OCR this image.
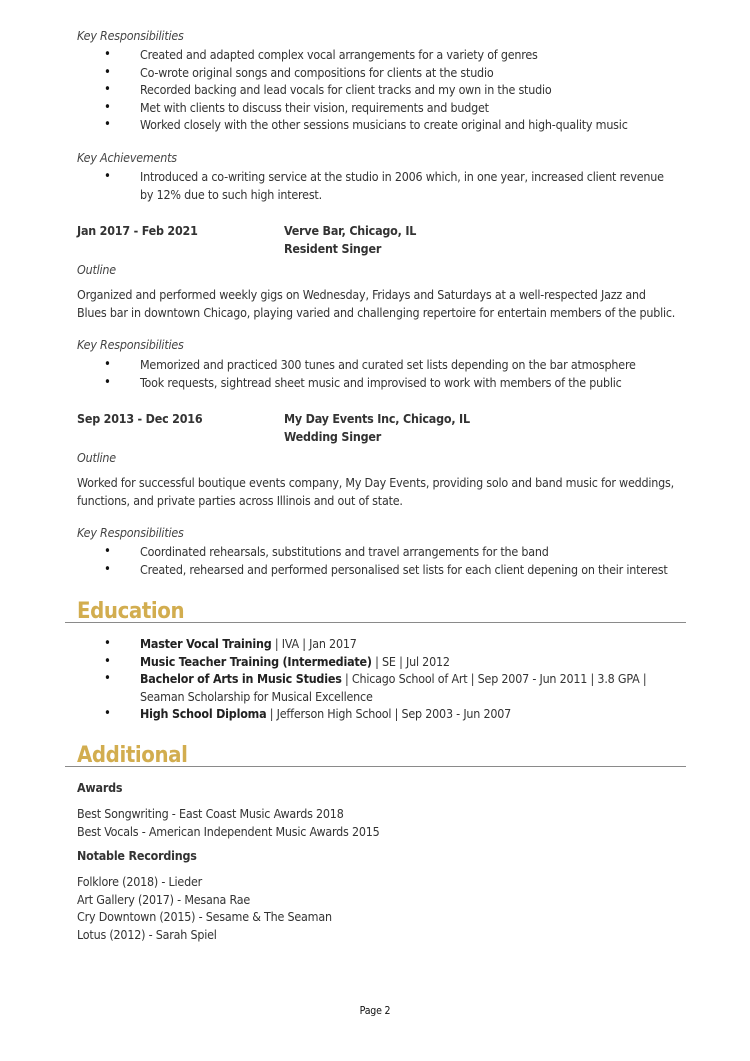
Key Responsibilities
• Created and adapted complex vocal arrangements for a variety of genres
• Co-wrote original songs and compositions for clients at the studio
• Recorded backing and lead vocals for client tracks and my own in the studio
• Met with clients to discuss their vision, requirements and budget
• Worked closely with the other sessions musicians to create original and high-quality music
Key Achievements
• Introduced a co-writing service at the studio in 2006 which, in one year, increased client revenue by 12% due to such high interest.
Jan 2017 - Feb 2021	Verve Bar, Chicago, IL
Resident Singer
Outline
Organized and performed weekly gigs on Wednesday, Fridays and Saturdays at a well-respected Jazz and Blues bar in downtown Chicago, playing varied and challenging repertoire for entertain members of the public.
Key Responsibilities
• Memorized and practiced 300 tunes and curated set lists depending on the bar atmosphere
• Took requests, sightread sheet music and improvised to work with members of the public
Sep 2013 - Dec 2016	My Day Events Inc, Chicago, IL
Wedding Singer
Outline
Worked for successful boutique events company, My Day Events, providing solo and band music for weddings, functions, and private parties across Illinois and out of state.
Key Responsibilities
• Coordinated rehearsals, substitutions and travel arrangements for the band
• Created, rehearsed and performed personalised set lists for each client depening on their interest
Education
• Master Vocal Training | IVA | Jan 2017
• Music Teacher Training (Intermediate) | SE | Jul 2012
• Bachelor of Arts in Music Studies | Chicago School of Art | Sep 2007 - Jun 2011 | 3.8 GPA | Seaman Scholarship for Musical Excellence
• High School Diploma | Jefferson High School | Sep 2003 - Jun 2007
Additional
Awards
Best Songwriting - East Coast Music Awards 2018
Best Vocals - American Independent Music Awards 2015
Notable Recordings
Folklore (2018) - Lieder
Art Gallery (2017) - Mesana Rae
Cry Downtown (2015) - Sesame & The Seaman
Lotus (2012) - Sarah Spiel
Page 2
